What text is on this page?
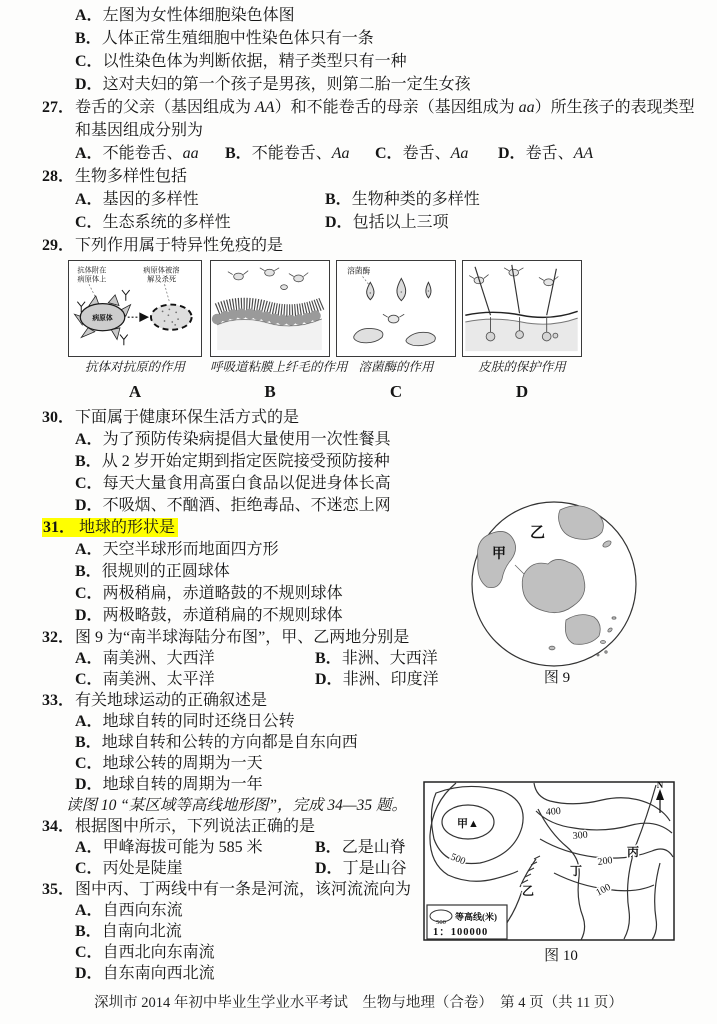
A．左图为女性体细胞染色体图
B．人体正常生殖细胞中性染色体只有一条
C．以性染色体为判断依据，精子类型只有一种
D．这对夫妇的第一个孩子是男孩，则第二胎一定生女孩
27． 卷舌的父亲（基因组成为 AA）和不能卷舌的母亲（基因组成为 aa）所生孩子的表现类型
和基因组成分别为
A．不能卷舌、aa	B．不能卷舌、Aa	C．卷舌、Aa	D．卷舌、AA
28． 生物多样性包括
A．基因的多样性	B．生物种类的多样性
C．生态系统的多样性	D．包括以上三项
29． 下列作用属于特异性免疫的是
抗体附在
病原体上
病原体被溶
解及杀死
病原体
抗体对抗原的作用
A
呼吸道粘膜上纤毛的作用
B
溶菌酶
溶菌酶的作用
C
皮肤的保护作用
D
30． 下面属于健康环保生活方式的是
A．为了预防传染病提倡大量使用一次性餐具
B．从 2 岁开始定期到指定医院接受预防接种
C．每天大量食用高蛋白食品以促进身体长高
D．不吸烟、不酗酒、拒绝毒品、不迷恋上网
31． 地球的形状是
A．天空半球形而地面四方形
B．很规则的正圆球体
C．两极稍扁，赤道略鼓的不规则球体
D．两极略鼓，赤道稍扁的不规则球体
32． 图 9 为“南半球海陆分布图”，甲、乙两地分别是
A．南美洲、大西洋	B．非洲、大西洋
C．南美洲、太平洋	D．非洲、印度洋
33． 有关地球运动的正确叙述是
A．地球自转的同时还绕日公转
B．地球自转和公转的方向都是自东向西
C．地球公转的周期为一天
D．地球自转的周期为一年
读图 10 “某区域等高线地形图”，完成 34—35 题。
34． 根据图中所示，下列说法正确的是
A．甲峰海拔可能为 585 米	B．乙是山脊
C．丙处是陡崖	D．丁是山谷
35． 图中丙、丁两线中有一条是河流，该河流流向为
A．自西向东流
B．自南向北流
C．自西北向东南流
D．自东南向西北流
甲
乙
图 9
甲▲
500
400
300
200
100
乙
丁
丙
N
500
等高线(米)
1：100000
图 10
深圳市 2014 年初中毕业生学业水平考试　生物与地理（合卷）　第 4 页（共 11 页）
